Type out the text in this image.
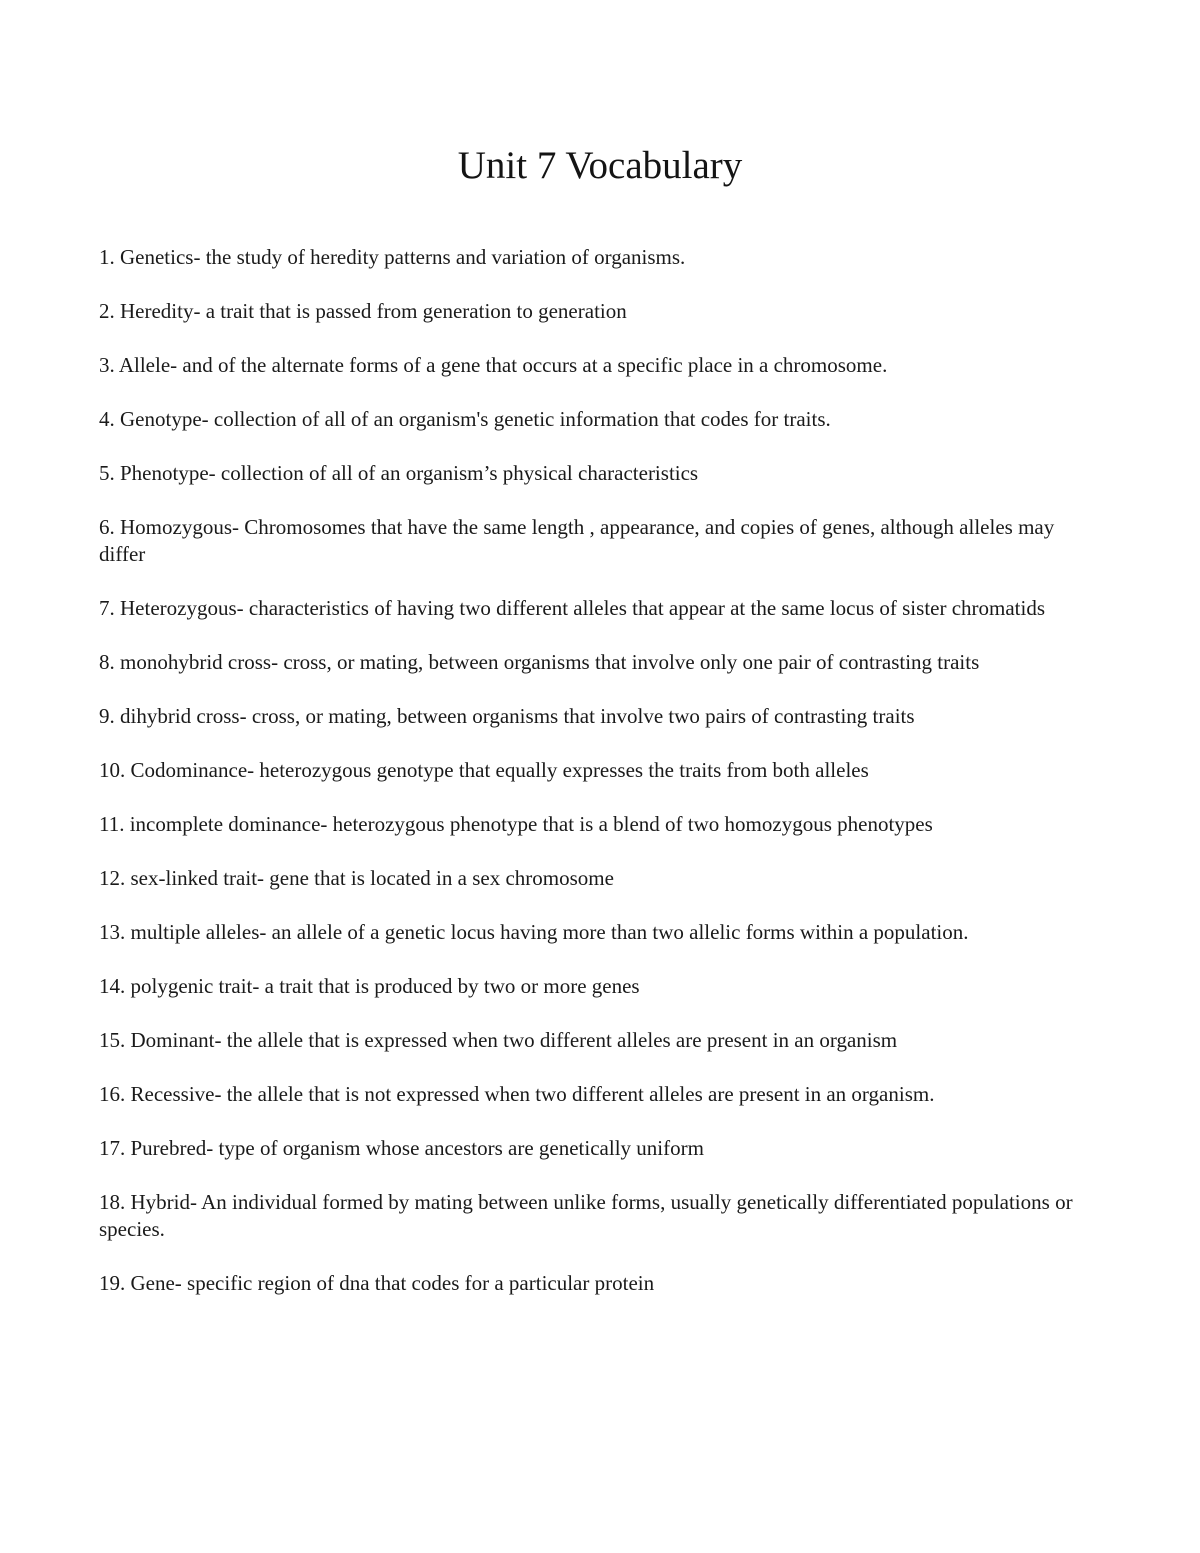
Unit 7 Vocabulary
1. Genetics- the study of heredity patterns and variation of organisms.
2. Heredity- a trait that is passed from generation to generation
3. Allele- and of the alternate forms of a gene that occurs at a specific place in a chromosome.
4. Genotype- collection of all of an organism's genetic information that codes for traits.
5. Phenotype- collection of all of an organism’s physical characteristics
6. Homozygous- Chromosomes that have the same length , appearance, and copies of genes, although alleles may differ
7. Heterozygous- characteristics of having two different alleles that appear at the same locus of sister chromatids
8. monohybrid cross- cross, or mating, between organisms that involve only one pair of contrasting traits
9. dihybrid cross- cross, or mating, between organisms that involve two pairs of contrasting traits
10. Codominance- heterozygous genotype that equally expresses the traits from both alleles
11. incomplete dominance- heterozygous phenotype that is a blend of two homozygous phenotypes
12. sex-linked trait- gene that is located in a sex chromosome
13. multiple alleles- an allele of a genetic locus having more than two allelic forms within a population.
14. polygenic trait- a trait that is produced by two or more genes
15. Dominant- the allele that is expressed when two different alleles are present in an organism
16. Recessive- the allele that is not expressed when two different alleles are present in an organism.
17. Purebred- type of organism whose ancestors are genetically uniform
18. Hybrid- An individual formed by mating between unlike forms, usually genetically differentiated populations or species.
19. Gene- specific region of dna that codes for a particular protein
